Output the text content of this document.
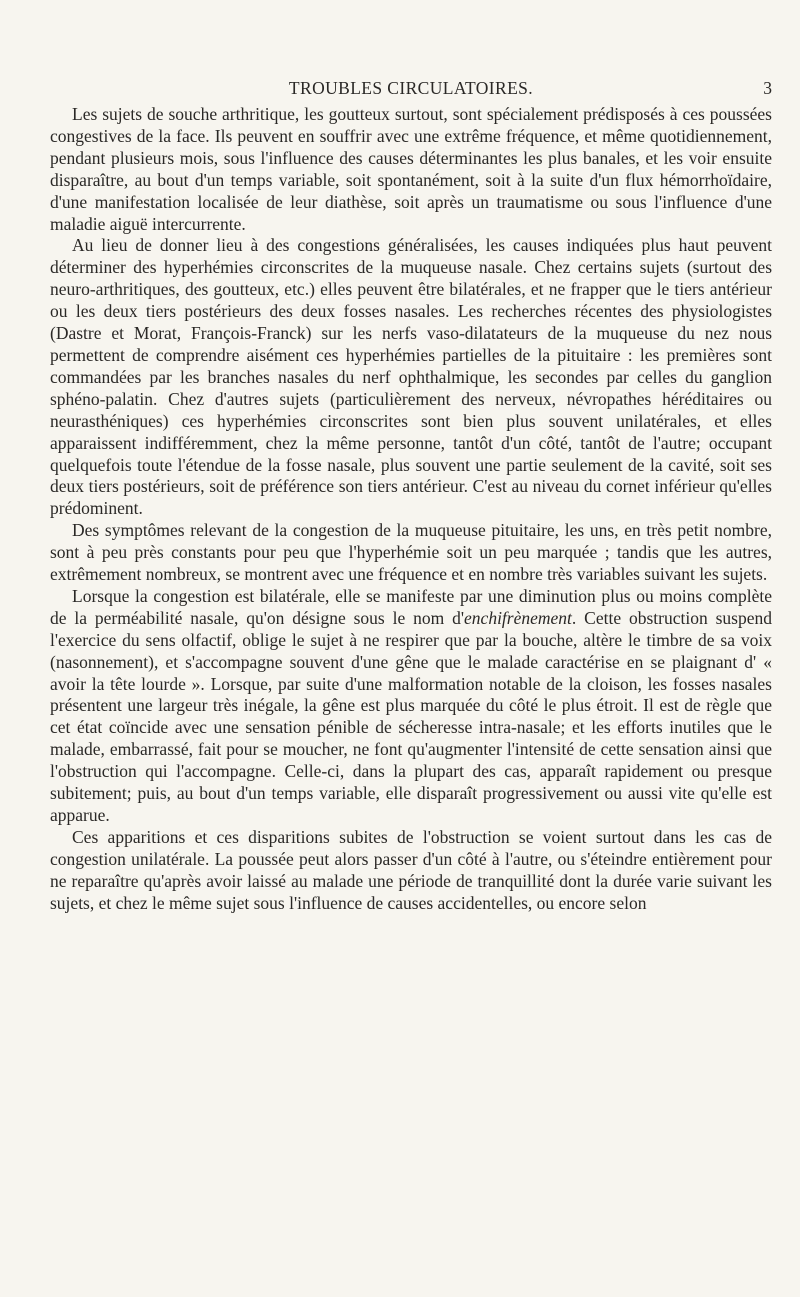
TROUBLES CIRCULATOIRES.	3

Les sujets de souche arthritique, les goutteux surtout, sont spécialement prédisposés à ces poussées congestives de la face. Ils peuvent en souffrir avec une extrême fréquence, et même quotidiennement, pendant plusieurs mois, sous l'influence des causes déterminantes les plus banales, et les voir ensuite disparaître, au bout d'un temps variable, soit spontanément, soit à la suite d'un flux hémorrhoïdaire, d'une manifestation localisée de leur diathèse, soit après un traumatisme ou sous l'influence d'une maladie aiguë intercurrente.

Au lieu de donner lieu à des congestions généralisées, les causes indiquées plus haut peuvent déterminer des hyperhémies circonscrites de la muqueuse nasale. Chez certains sujets (surtout des neuro-arthritiques, des goutteux, etc.) elles peuvent être bilatérales, et ne frapper que le tiers antérieur ou les deux tiers postérieurs des deux fosses nasales. Les recherches récentes des physiologistes (Dastre et Morat, François-Franck) sur les nerfs vaso-dilatateurs de la muqueuse du nez nous permettent de comprendre aisément ces hyperhémies partielles de la pituitaire : les premières sont commandées par les branches nasales du nerf ophthalmique, les secondes par celles du ganglion sphéno-palatin. Chez d'autres sujets (particulièrement des nerveux, névropathes héréditaires ou neurasthéniques) ces hyperhémies circonscrites sont bien plus souvent unilatérales, et elles apparaissent indifféremment, chez la même personne, tantôt d'un côté, tantôt de l'autre; occupant quelquefois toute l'étendue de la fosse nasale, plus souvent une partie seulement de la cavité, soit ses deux tiers postérieurs, soit de préférence son tiers antérieur. C'est au niveau du cornet inférieur qu'elles prédominent.

Des symptômes relevant de la congestion de la muqueuse pituitaire, les uns, en très petit nombre, sont à peu près constants pour peu que l'hyperhémie soit un peu marquée ; tandis que les autres, extrêmement nombreux, se montrent avec une fréquence et en nombre très variables suivant les sujets.

Lorsque la congestion est bilatérale, elle se manifeste par une diminution plus ou moins complète de la perméabilité nasale, qu'on désigne sous le nom d'enchifrènement. Cette obstruction suspend l'exercice du sens olfactif, oblige le sujet à ne respirer que par la bouche, altère le timbre de sa voix (nasonnement), et s'accompagne souvent d'une gêne que le malade caractérise en se plaignant d' « avoir la tête lourde ». Lorsque, par suite d'une malformation notable de la cloison, les fosses nasales présentent une largeur très inégale, la gêne est plus marquée du côté le plus étroit. Il est de règle que cet état coïncide avec une sensation pénible de sécheresse intra-nasale; et les efforts inutiles que le malade, embarrassé, fait pour se moucher, ne font qu'augmenter l'intensité de cette sensation ainsi que l'obstruction qui l'accompagne. Celle-ci, dans la plupart des cas, apparaît rapidement ou presque subitement; puis, au bout d'un temps variable, elle disparaît progressivement ou aussi vite qu'elle est apparue.

Ces apparitions et ces disparitions subites de l'obstruction se voient surtout dans les cas de congestion unilatérale. La poussée peut alors passer d'un côté à l'autre, ou s'éteindre entièrement pour ne reparaître qu'après avoir laissé au malade une période de tranquillité dont la durée varie suivant les sujets, et chez le même sujet sous l'influence de causes accidentelles, ou encore selon
